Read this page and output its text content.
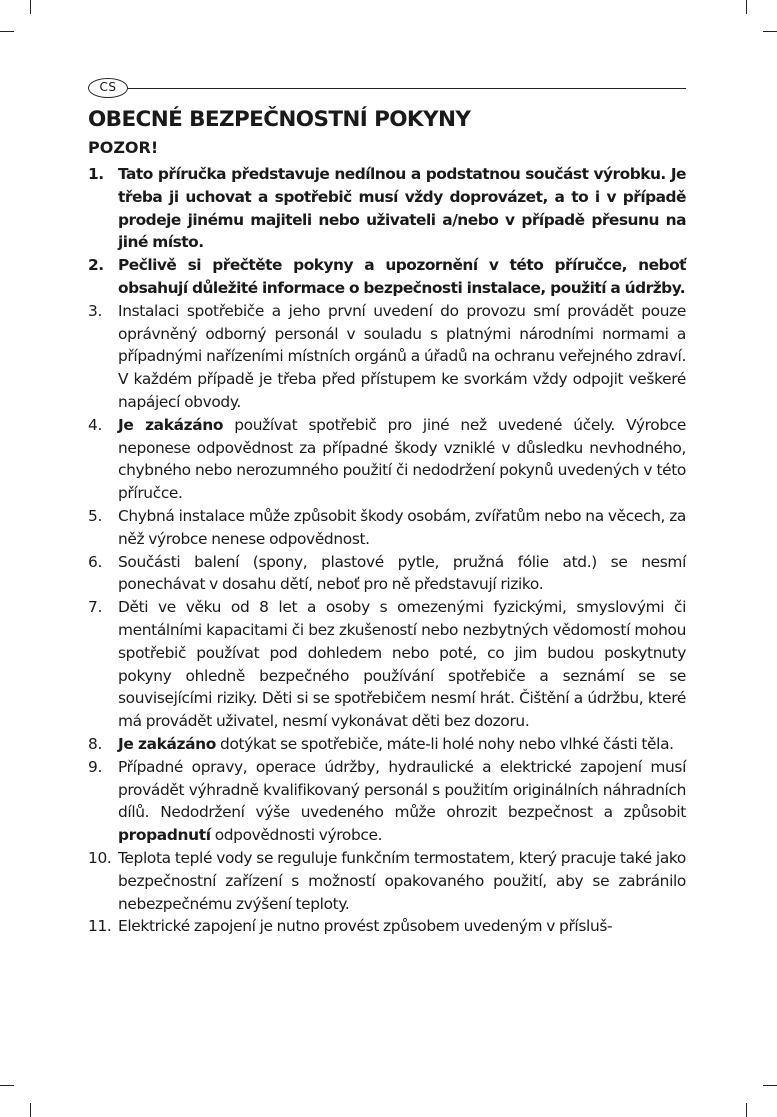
CS
OBECNÉ BEZPEČNOSTNÍ POKYNY
POZOR!
1. Tato příručka představuje nedílnou a podstatnou součást výrobku. Je třeba ji uchovat a spotřebič musí vždy doprovázet, a to i v případě prodeje jinému majiteli nebo uživateli a/nebo v případě přesunu na jiné místo.
2. Pečlivě si přečtěte pokyny a upozornění v této příručce, neboť obsahují důležité informace o bezpečnosti instalace, použití a údržby.
3.	Instalaci spotřebiče a jeho první uvedení do provozu smí provádět pouze oprávněný odborný personál v souladu s platnými národními normami a případnými nařízeními místních orgánů a úřadů na ochranu veřejného zdraví. V každém případě je třeba před přístupem ke svorkám vždy odpojit veškeré napájecí obvody.
4.	Je zakázáno používat spotřebič pro jiné než uvedené účely. Výrobce neponese odpovědnost za případné škody vzniklé v důsledku nevhodného, chybného nebo nerozumného použití či nedodržení pokynů uvedených v této příručce.
5.	Chybná instalace může způsobit škody osobám, zvířatům nebo na věcech, za něž výrobce nenese odpovědnost.
6.	Součásti balení (spony, plastové pytle, pružná fólie atd.) se nesmí ponechávat v dosahu dětí, neboť pro ně představují riziko.
7.	Děti ve věku od 8 let a osoby s omezenými fyzickými, smyslovými či mentálními kapacitami či bez zkušeností nebo nezbytných vědomostí mohou spotřebič používat pod dohledem nebo poté, co jim budou poskytnuty pokyny ohledně bezpečného používání spotřebiče a seznámí se se souvisejícími riziky. Děti si se spotřebičem nesmí hrát. Čištění a údržbu, které má provádět uživatel, nesmí vykonávat děti bez dozoru.
8.	Je zakázáno dotýkat se spotřebiče, máte-li holé nohy nebo vlhké části těla.
9.	Případné opravy, operace údržby, hydraulické a elektrické zapojení musí provádět výhradně kvalifikovaný personál s použitím originálních náhradních dílů. Nedodržení výše uvedeného může ohrozit bezpečnost a způsobit propadnutí odpovědnosti výrobce.
10. Teplota teplé vody se reguluje funkčním termostatem, který pracuje také jako bezpečnostní zařízení s možností opakovaného použití, aby se zabránilo nebezpečnému zvýšení teploty.
11. Elektrické zapojení je nutno provést způsobem uvedeným v přísluš-
